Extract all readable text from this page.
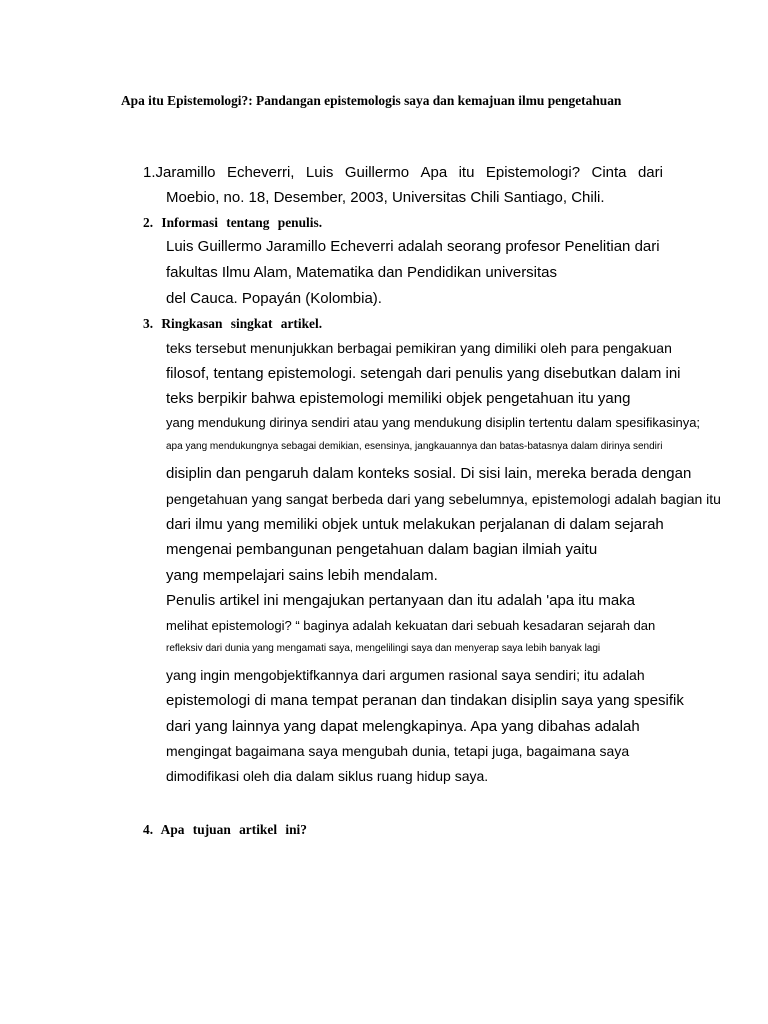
Apa itu Epistemologi?: Pandangan epistemologis saya dan kemajuan ilmu pengetahuan
1.Jaramillo Echeverri, Luis Guillermo Apa itu Epistemologi? Cinta dari
Moebio, no. 18, Desember, 2003, Universitas Chili Santiago, Chili.
2. Informasi tentang penulis.
Luis Guillermo Jaramillo Echeverri adalah seorang profesor Penelitian dari
fakultas Ilmu Alam, Matematika dan Pendidikan universitas
del Cauca. Popayán (Kolombia).
3. Ringkasan singkat artikel.
teks tersebut menunjukkan berbagai pemikiran yang dimiliki oleh para pengakuan
filosof, tentang epistemologi. setengah dari penulis yang disebutkan dalam ini
teks berpikir bahwa epistemologi memiliki objek pengetahuan itu yang
yang mendukung dirinya sendiri atau yang mendukung disiplin tertentu dalam spesifikasinya;
apa yang mendukungnya sebagai demikian, esensinya, jangkauannya dan batas-batasnya dalam dirinya sendiri
disiplin dan pengaruh dalam konteks sosial. Di sisi lain, mereka berada dengan
pengetahuan yang sangat berbeda dari yang sebelumnya, epistemologi adalah bagian itu
dari ilmu yang memiliki objek untuk melakukan perjalanan di dalam sejarah
mengenai pembangunan pengetahuan dalam bagian ilmiah yaitu
yang mempelajari sains lebih mendalam.
Penulis artikel ini mengajukan pertanyaan dan itu adalah 'apa itu maka
melihat epistemologi? “ baginya adalah kekuatan dari sebuah kesadaran sejarah dan
refleksiv dari dunia yang mengamati saya, mengelilingi saya dan menyerap saya lebih banyak lagi
yang ingin mengobjektifkannya dari argumen rasional saya sendiri; itu adalah
epistemologi di mana tempat peranan dan tindakan disiplin saya yang spesifik
dari yang lainnya yang dapat melengkapinya. Apa yang dibahas adalah
mengingat bagaimana saya mengubah dunia, tetapi juga, bagaimana saya
dimodifikasi oleh dia dalam siklus ruang hidup saya.
4. Apa tujuan artikel ini?
